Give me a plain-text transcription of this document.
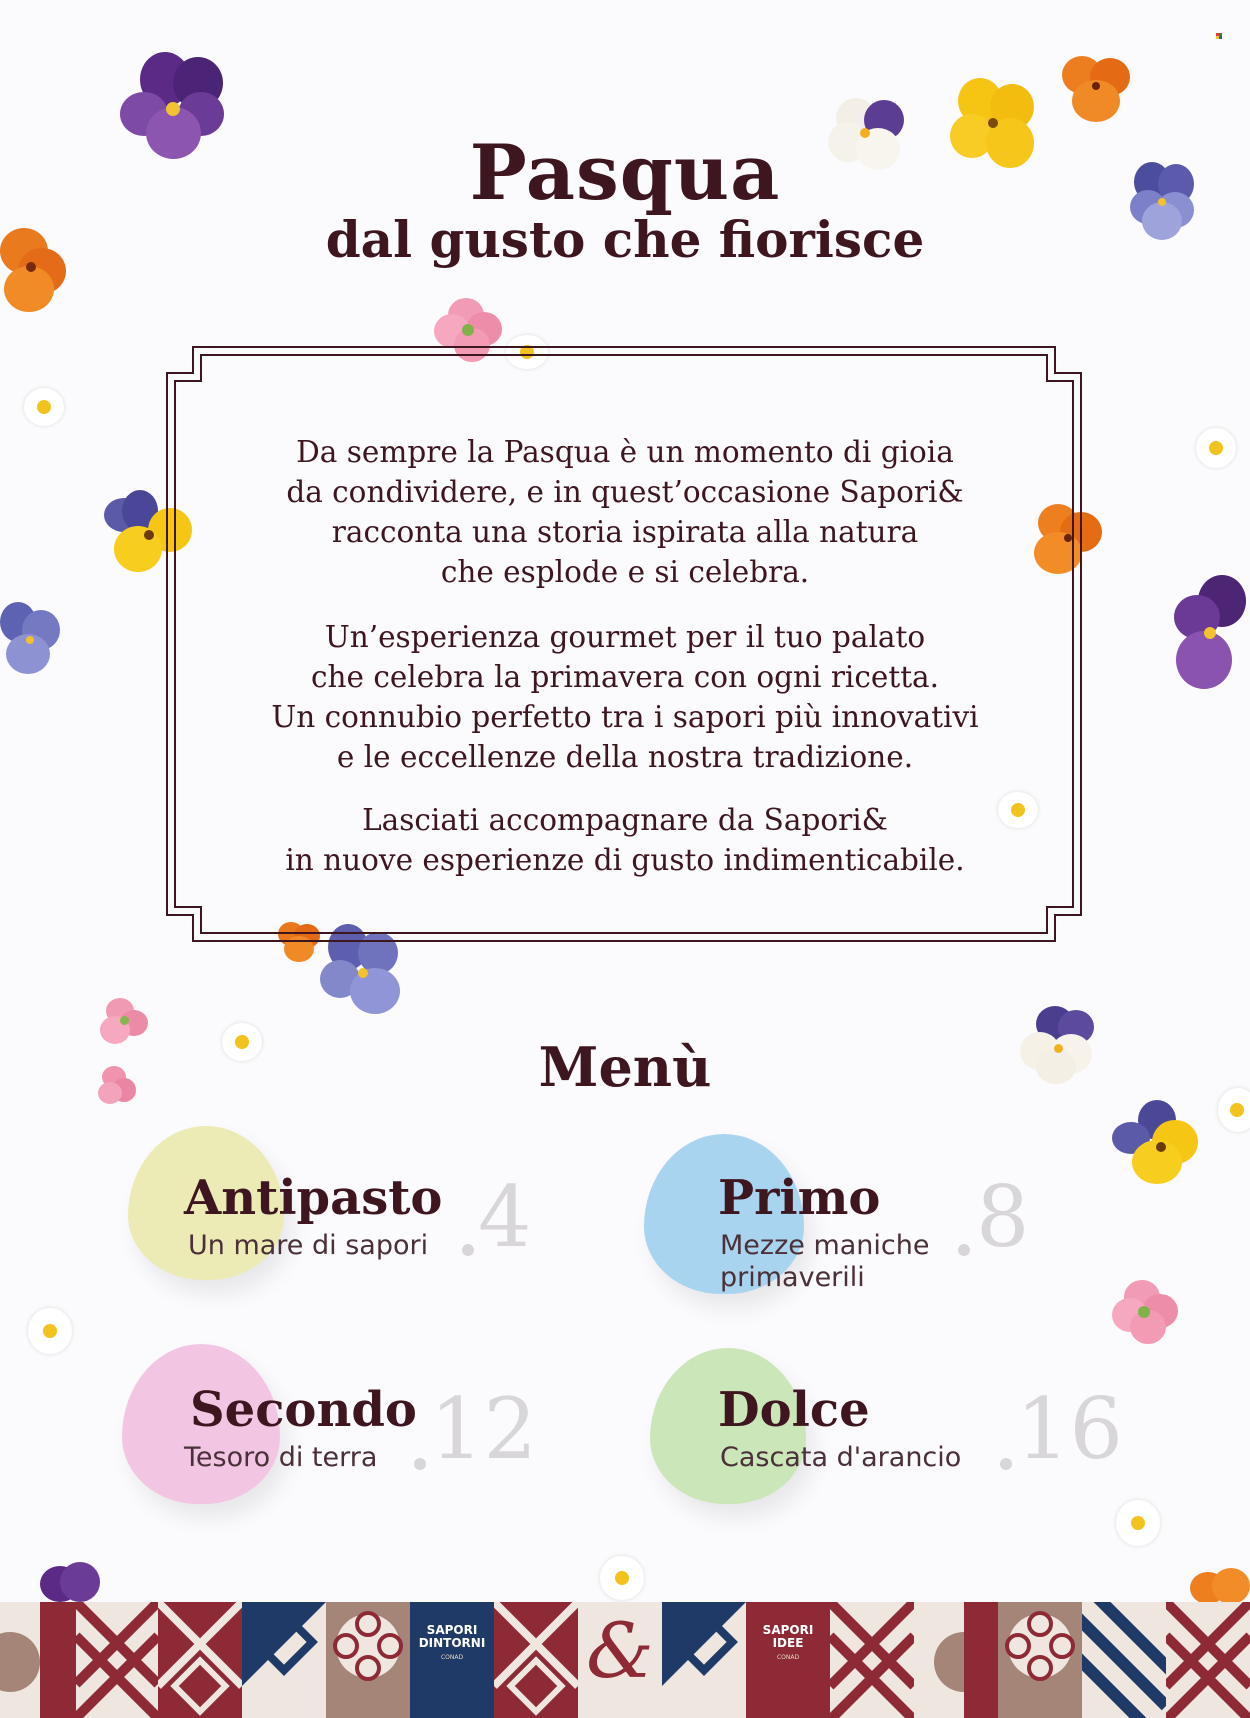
Pasqua
dal gusto che fiorisce

Da sempre la Pasqua è un momento di gioia
da condividere, e in quest’occasione Sapori&
racconta una storia ispirata alla natura
che esplode e si celebra.

Un’esperienza gourmet per il tuo palato
che celebra la primavera con ogni ricetta.
Un connubio perfetto tra i sapori più innovativi
e le eccellenze della nostra tradizione.

Lasciati accompagnare da Sapori&
in nuove esperienze di gusto indimenticabile.

Menù
Antipasto
Un mare di sapori 4	Primo
Mezze maniche
primaverili
8
Secondo
Tesoro di terra 12	Dolce
Cascata d'arancio 16
SAPORI
DINTORNI
CONAD	&	SAPORI
IDEE
CONAD
